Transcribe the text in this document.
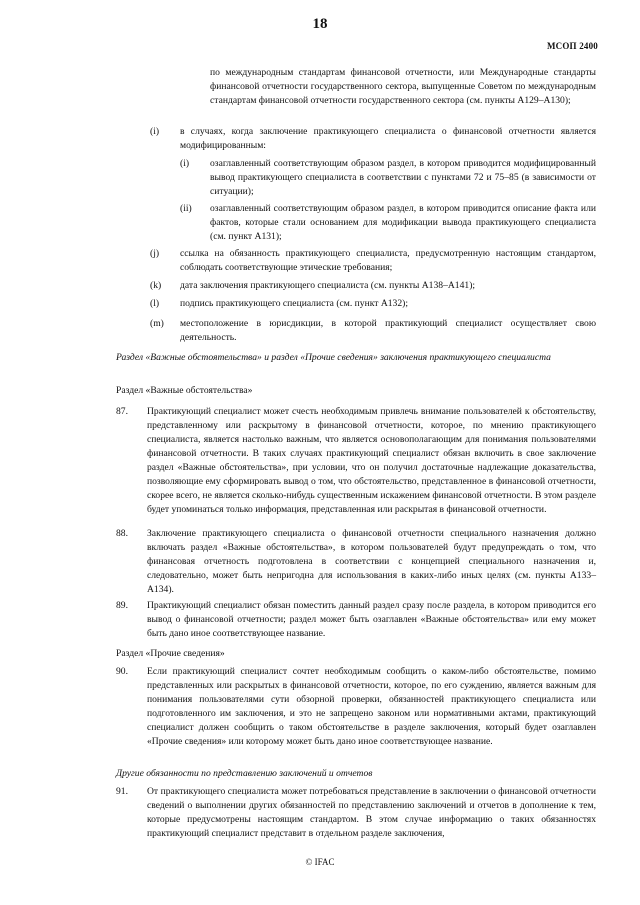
18
МСОП 2400
по международным стандартам финансовой отчетности, или Международные стандарты финансовой отчетности государственного сектора, выпущенные Советом по международным стандартам финансовой отчетности государственного сектора (см. пункты А129–А130);
(i) в случаях, когда заключение практикующего специалиста о финансовой отчетности является модифицированным:
(i) озаглавленный соответствующим образом раздел, в котором приводится модифицированный вывод практикующего специалиста в соответствии с пунктами 72 и 75–85 (в зависимости от ситуации);
(ii) озаглавленный соответствующим образом раздел, в котором приводится описание факта или фактов, которые стали основанием для модификации вывода практикующего специалиста (см. пункт А131);
(j) ссылка на обязанность практикующего специалиста, предусмотренную настоящим стандартом, соблюдать соответствующие этические требования;
(k) дата заключения практикующего специалиста (см. пункты А138–А141);
(l) подпись практикующего специалиста (см. пункт А132);
(m) местоположение в юрисдикции, в которой практикующий специалист осуществляет свою деятельность.
Раздел «Важные обстоятельства» и раздел «Прочие сведения» заключения практикующего специалиста
Раздел «Важные обстоятельства»
87. Практикующий специалист может счесть необходимым привлечь внимание пользователей к обстоятельству, представленному или раскрытому в финансовой отчетности, которое, по мнению практикующего специалиста, является настолько важным, что является основополагающим для понимания пользователями финансовой отчетности. В таких случаях практикующий специалист обязан включить в свое заключение раздел «Важные обстоятельства», при условии, что он получил достаточные надлежащие доказательства, позволяющие ему сформировать вывод о том, что обстоятельство, представленное в финансовой отчетности, скорее всего, не является сколько-нибудь существенным искажением финансовой отчетности. В этом разделе будет упоминаться только информация, представленная или раскрытая в финансовой отчетности.
88. Заключение практикующего специалиста о финансовой отчетности специального назначения должно включать раздел «Важные обстоятельства», в котором пользователей будут предупреждать о том, что финансовая отчетность подготовлена в соответствии с концепцией специального назначения и, следовательно, может быть непригодна для использования в каких-либо иных целях (см. пункты А133–А134).
89. Практикующий специалист обязан поместить данный раздел сразу после раздела, в котором приводится его вывод о финансовой отчетности; раздел может быть озаглавлен «Важные обстоятельства» или ему может быть дано иное соответствующее название.
Раздел «Прочие сведения»
90. Если практикующий специалист сочтет необходимым сообщить о каком-либо обстоятельстве, помимо представленных или раскрытых в финансовой отчетности, которое, по его суждению, является важным для понимания пользователями сути обзорной проверки, обязанностей практикующего специалиста или подготовленного им заключения, и это не запрещено законом или нормативными актами, практикующий специалист должен сообщить о таком обстоятельстве в разделе заключения, который будет озаглавлен «Прочие сведения» или которому может быть дано иное соответствующее название.
Другие обязанности по представлению заключений и отчетов
91. От практикующего специалиста может потребоваться представление в заключении о финансовой отчетности сведений о выполнении других обязанностей по представлению заключений и отчетов в дополнение к тем, которые предусмотрены настоящим стандартом. В этом случае информацию о таких обязанностях практикующий специалист представит в отдельном разделе заключения,
© IFAC
